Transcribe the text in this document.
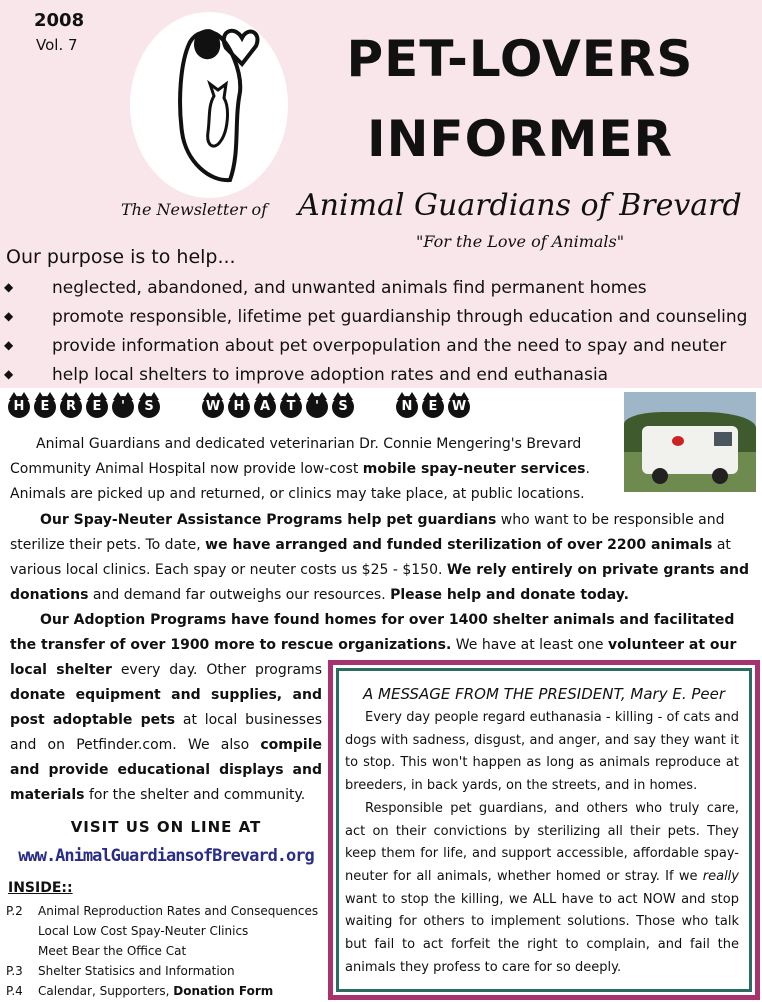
2008
Vol. 7	PET-LOVERS
INFORMER
The Newsletter of Animal Guardians of Brevard
"For the Love of Animals"
Our purpose is to help...
◆ neglected, abandoned, and unwanted animals find permanent homes
◆ promote responsible, lifetime pet guardianship through education and counseling
◆ provide information about pet overpopulation and the need to spay and neuter
◆ help local shelters to improve adoption rates and end euthanasia
H	E	R	E	'	S	W	H	A	T	'	S	N	E	W
Animal Guardians and dedicated veterinarian Dr. Connie Mengering's Brevard Community Animal Hospital now provide low-cost mobile spay-neuter services. Animals are picked up and returned, or clinics may take place, at public locations.
Our Spay-Neuter Assistance Programs help pet guardians who want to be responsible and sterilize their pets. To date, we have arranged and funded sterilization of over 2200 animals at various local clinics. Each spay or neuter costs us $25 - $150. We rely entirely on private grants and donations and demand far outweighs our resources. Please help and donate today.
Our Adoption Programs have found homes for over 1400 shelter animals and facilitated the transfer of over 1900 more to rescue organizations. We have at least one volunteer at our
local shelter every day. Other programs donate equipment and supplies, and post adoptable pets at local businesses and on Petfinder.com. We also compile and provide educational displays and materials for the shelter and community.
VISIT US ON LINE AT
www.AnimalGuardiansofBrevard.org
INSIDE::
P.2 Animal Reproduction Rates and Consequences
Local Low Cost Spay-Neuter Clinics
Meet Bear the Office Cat
P.3 Shelter Statisics and Information
P.4 Calendar, Supporters, Donation Form
A MESSAGE FROM THE PRESIDENT, Mary E. Peer

Every day people regard euthanasia - killing - of cats and dogs with sadness, disgust, and anger, and say they want it to stop. This won't happen as long as animals reproduce at breeders, in back yards, on the streets, and in homes.

Responsible pet guardians, and others who truly care, act on their convictions by sterilizing all their pets. They keep them for life, and support accessible, affordable spay-neuter for all animals, whether homed or stray. If we really want to stop the killing, we ALL have to act NOW and stop waiting for others to implement solutions. Those who talk but fail to act forfeit the right to complain, and fail the animals they profess to care for so deeply.
